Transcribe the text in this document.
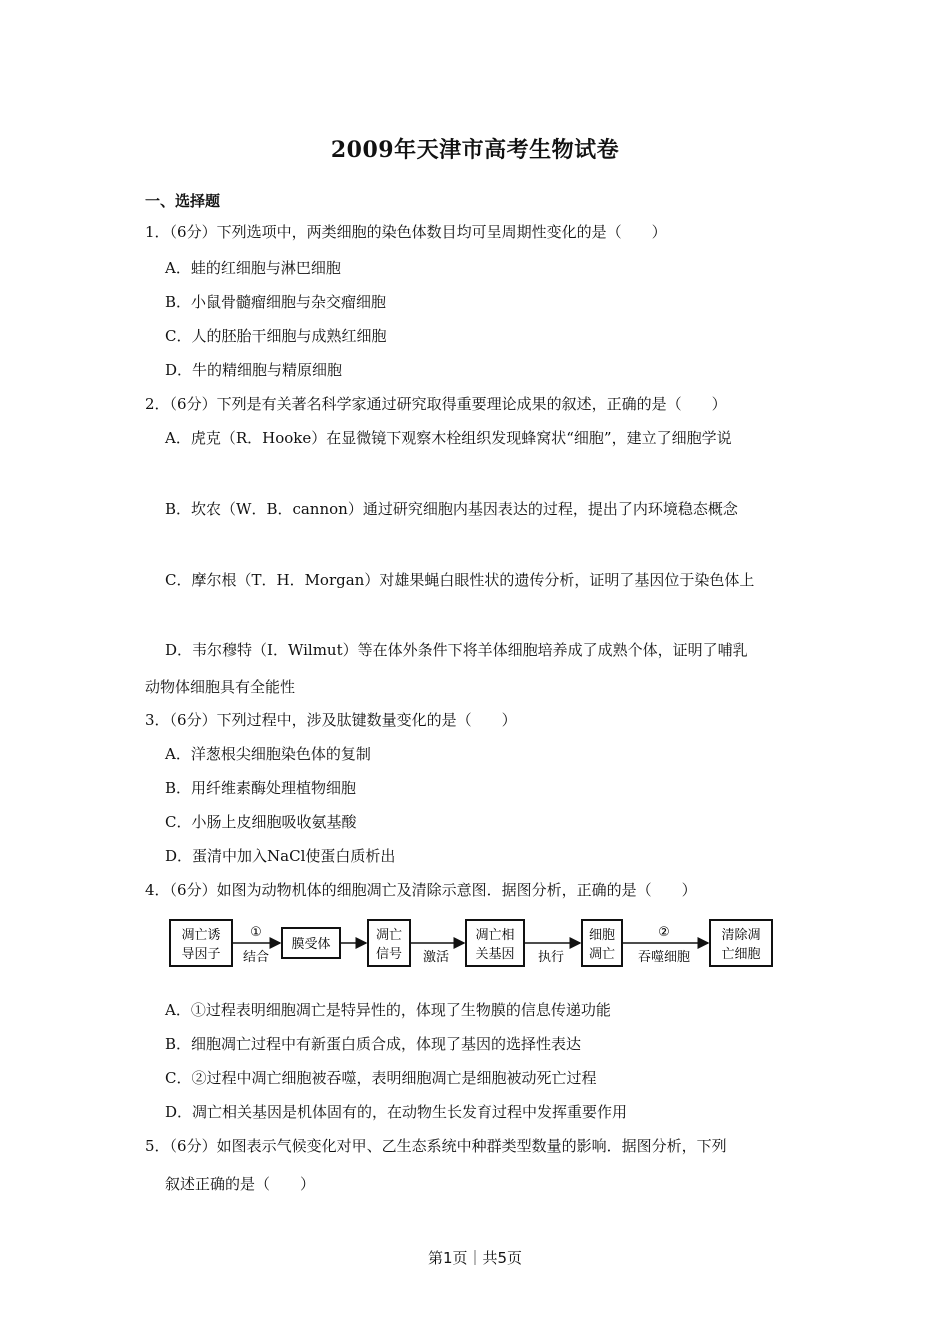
2009年天津市高考生物试卷
一、选择题
1．（6分）下列选项中，两类细胞的染色体数目均可呈周期性变化的是（　　）
A．蛙的红细胞与淋巴细胞
B．小鼠骨髓瘤细胞与杂交瘤细胞
C．人的胚胎干细胞与成熟红细胞
D．牛的精细胞与精原细胞
2．（6分）下列是有关著名科学家通过研究取得重要理论成果的叙述，正确的是（　　）
A．虎克（R．Hooke）在显微镜下观察木栓组织发现蜂窝状“细胞”，建立了细胞学说
B．坎农（W．B．cannon）通过研究细胞内基因表达的过程，提出了内环境稳态概念
C．摩尔根（T．H．Morgan）对雄果蝇白眼性状的遗传分析，证明了基因位于染色体上
D．韦尔穆特（I．Wilmut）等在体外条件下将羊体细胞培养成了成熟个体，证明了哺乳
动物体细胞具有全能性
3．（6分）下列过程中，涉及肽键数量变化的是（　　）
A．洋葱根尖细胞染色体的复制
B．用纤维素酶处理植物细胞
C．小肠上皮细胞吸收氨基酸
D．蛋清中加入NaCl使蛋白质析出
4．（6分）如图为动物机体的细胞凋亡及清除示意图．据图分析，正确的是（　　）
凋亡诱
导因子
①
结合
膜受体
凋亡
信号 激活
凋亡相
关基因 执行
细胞
凋亡
②
吞噬细胞
清除凋
亡细胞
A．①过程表明细胞凋亡是特异性的，体现了生物膜的信息传递功能
B．细胞凋亡过程中有新蛋白质合成，体现了基因的选择性表达
C．②过程中凋亡细胞被吞噬，表明细胞凋亡是细胞被动死亡过程
D．凋亡相关基因是机体固有的，在动物生长发育过程中发挥重要作用
5．（6分）如图表示气候变化对甲、乙生态系统中种群类型数量的影响．据图分析，下列
叙述正确的是（　　）
第1页｜共5页
